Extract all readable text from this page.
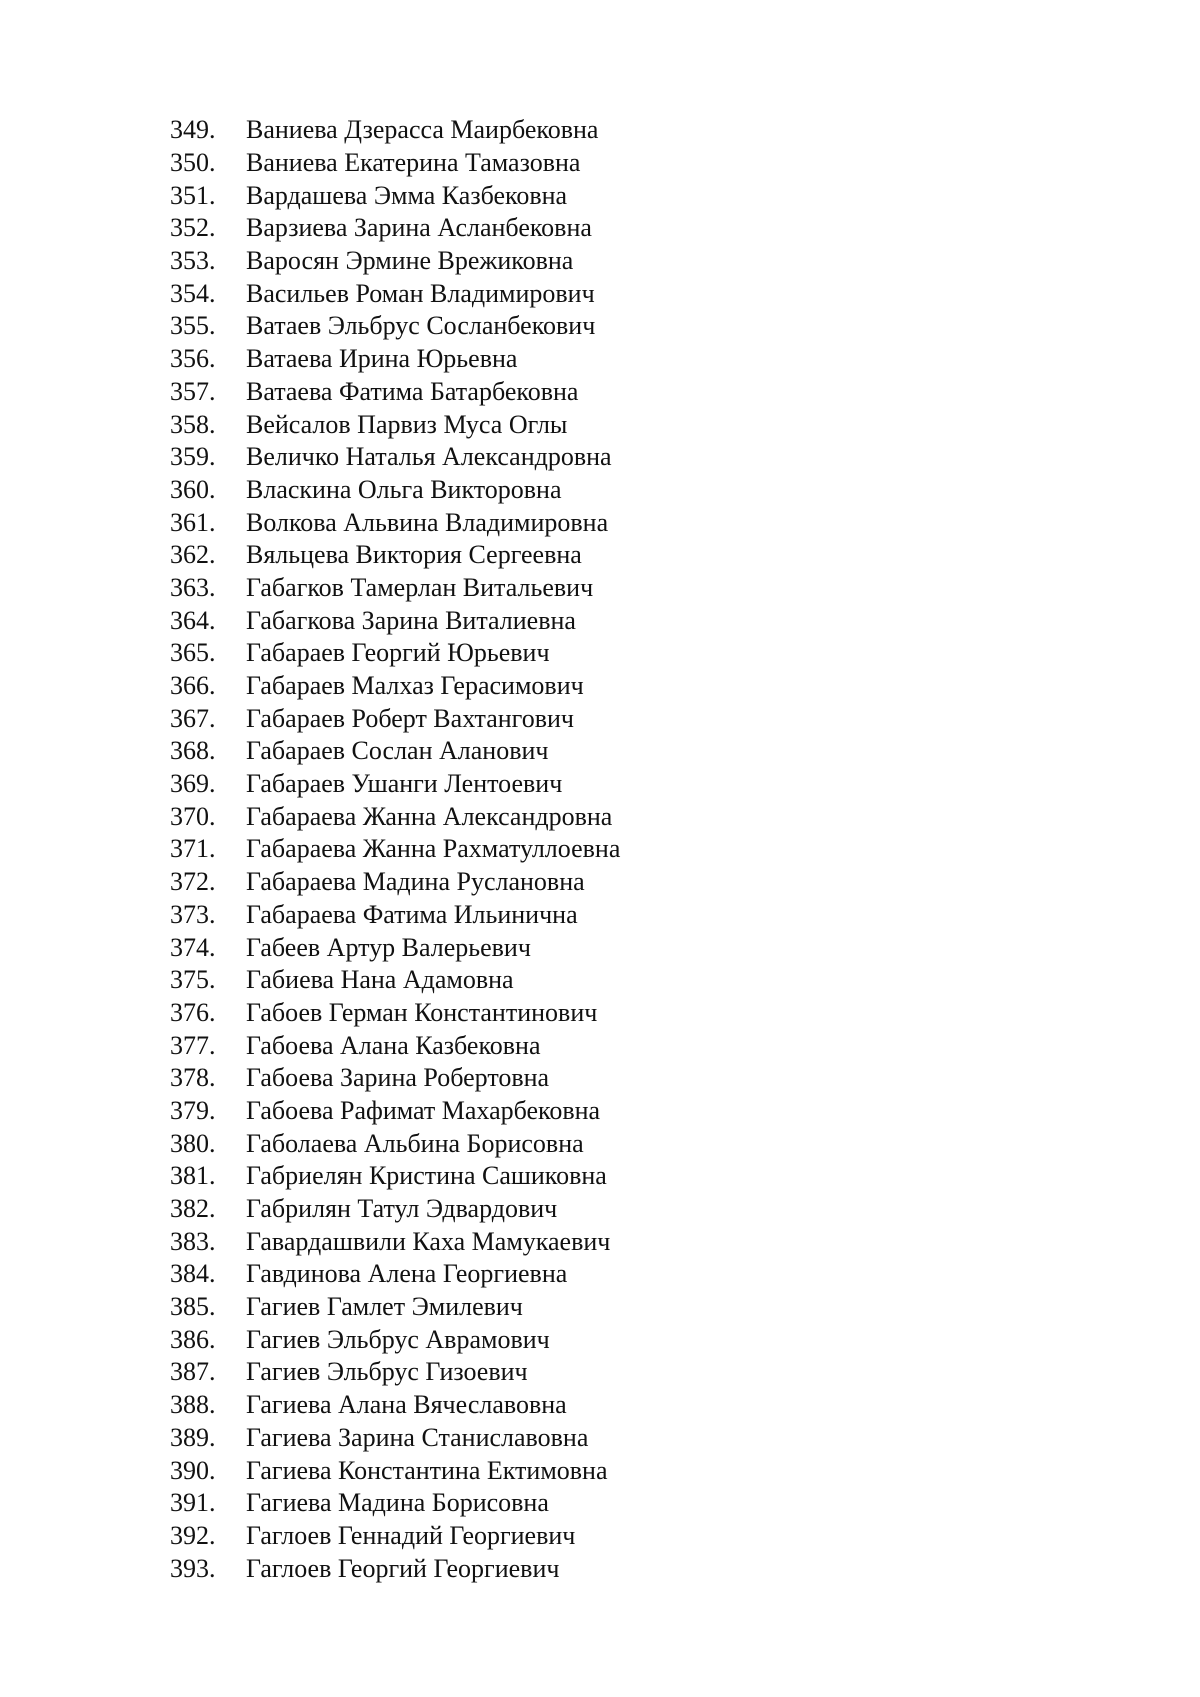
349.	Ваниева Дзерасса Маирбековна
350.	Ваниева Екатерина Тамазовна
351.	Вардашева Эмма Казбековна
352.	Варзиева Зарина Асланбековна
353.	Варосян Эрмине Врежиковна
354.	Васильев Роман Владимирович
355.	Ватаев Эльбрус Сосланбекович
356.	Ватаева Ирина Юрьевна
357.	Ватаева Фатима Батарбековна
358.	Вейсалов Парвиз Муса Оглы
359.	Величко Наталья Александровна
360.	Власкина Ольга Викторовна
361.	Волкова Альвина Владимировна
362.	Вяльцева Виктория Сергеевна
363.	Габагков Тамерлан Витальевич
364.	Габагкова Зарина Виталиевна
365.	Габараев Георгий Юрьевич
366.	Габараев Малхаз Герасимович
367.	Габараев Роберт Вахтангович
368.	Габараев Сослан Аланович
369.	Габараев Ушанги Лентоевич
370.	Габараева Жанна Александровна
371.	Габараева Жанна Рахматуллоевна
372.	Габараева Мадина Руслановна
373.	Габараева Фатима Ильинична
374.	Габеев Артур Валерьевич
375.	Габиева Нана Адамовна
376.	Габоев Герман Константинович
377.	Габоева Алана Казбековна
378.	Габоева Зарина Робертовна
379.	Габоева Рафимат Махарбековна
380.	Габолаева Альбина Борисовна
381.	Габриелян Кристина Сашиковна
382.	Габрилян Татул Эдвардович
383.	Гавардашвили Каха Мамукаевич
384.	Гавдинова Алена Георгиевна
385.	Гагиев Гамлет Эмилевич
386.	Гагиев Эльбрус Аврамович
387.	Гагиев Эльбрус Гизоевич
388.	Гагиева Алана Вячеславовна
389.	Гагиева Зарина Станиславовна
390.	Гагиева Константина Ектимовна
391.	Гагиева Мадина Борисовна
392.	Гаглоев Геннадий Георгиевич
393.	Гаглоев Георгий Георгиевич
